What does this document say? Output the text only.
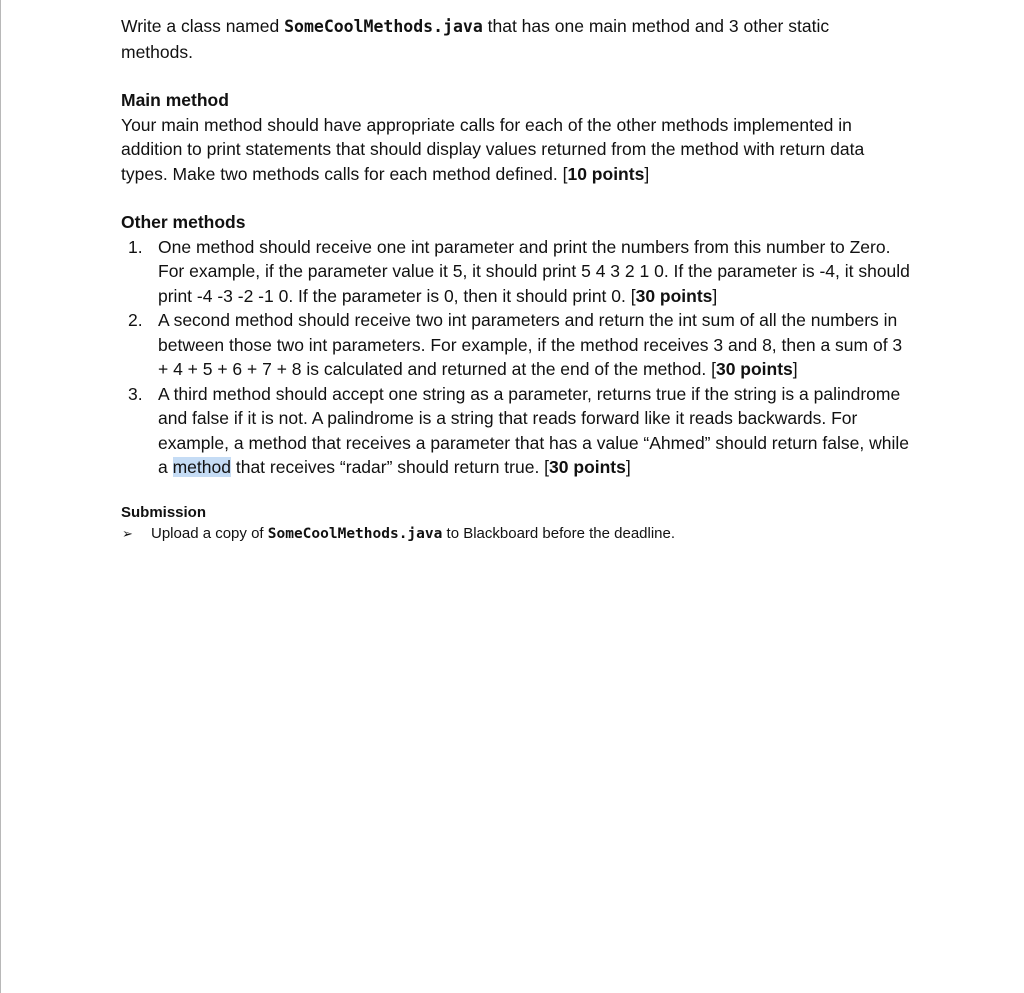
Write a class named SomeCoolMethods.java that has one main method and 3 other static
methods.

Main method

Your main method should have appropriate calls for each of the other methods implemented in addition to print statements that should display values returned from the method with return data types. Make two methods calls for each method defined. [10 points]

Other methods

1. One method should receive one int parameter and print the numbers from this number to Zero. For example, if the parameter value it 5, it should print 5 4 3 2 1 0. If the parameter is -4, it should print -4 -3 -2 -1 0. If the parameter is 0, then it should print 0. [30 points]
2. A second method should receive two int parameters and return the int sum of all the numbers in between those two int parameters. For example, if the method receives 3 and 8, then a sum of 3 + 4 + 5 + 6 + 7 + 8 is calculated and returned at the end of the method. [30 points]
3. A third method should accept one string as a parameter, returns true if the string is a palindrome and false if it is not. A palindrome is a string that reads forward like it reads backwards. For example, a method that receives a parameter that has a value “Ahmed” should return false, while a method that receives “radar” should return true. [30 points]

Submission

➢ Upload a copy of SomeCoolMethods.java to Blackboard before the deadline.
